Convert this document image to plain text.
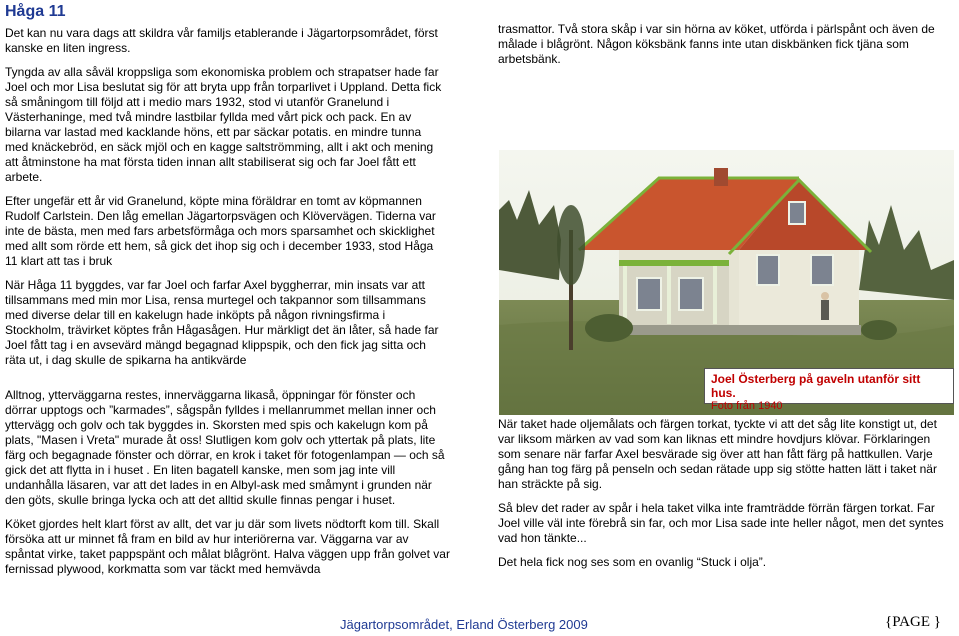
Håga 11

Det kan nu vara dags att skildra vår familjs etablerande i Jägartorpsområdet, först kanske en liten ingress.

Tyngda av alla såväl kroppsliga som ekonomiska problem och strapatser hade far Joel och mor Lisa beslutat sig för att bryta upp från torparlivet i Uppland. Detta fick så småningom till följd att i medio mars 1932, stod vi utanför Granelund i Västerhaninge, med två mindre lastbilar fyllda med vårt pick och pack. En av bilarna var lastad med kacklande höns, ett par säckar potatis. en mindre tunna med knäckebröd, en säck mjöl och en kagge saltströmming, allt i akt och mening att åtminstone ha mat första tiden innan allt stabiliserat sig och far Joel fått ett arbete.

Efter ungefär ett år vid Granelund, köpte mina föräldrar en tomt av köpmannen Rudolf Carlstein. Den låg emellan Jägartorpsvägen och Klövervägen. Tiderna var inte de bästa, men med fars arbetsförmåga och mors sparsamhet och skicklighet med allt som rörde ett hem, så gick det ihop sig och i december 1933, stod Håga 11 klart att tas i bruk

När Håga 11 byggdes, var far Joel och farfar Axel byggherrar, min insats var att tillsammans med min mor Lisa, rensa murtegel och takpannor som tillsammans med diverse delar till en kakelugn hade inköpts på någon rivningsfirma i Stockholm, trävirket köptes från Hågasågen. Hur märkligt det än låter, så hade far Joel fått tag i en avsevärd mängd begagnad klippspik, och den fick jag sitta och räta ut, i dag skulle de spikarna ha antikvärde

Alltnog, ytterväggarna restes, innerväggarna likaså, öppningar för fönster och dörrar upptogs och ”karmades”, sågspån fylldes i mellanrummet mellan inner och yttervägg och golv och tak byggdes in. Skorsten med spis och kakelugn kom på plats, "Masen i Vreta" murade åt oss! Slutligen kom golv och yttertak på plats, lite färg och begagnade fönster och dörrar, en krok i taket för fotogenlampan — och så gick det att flytta in i huset . En liten bagatell kanske, men som jag inte vill undanhålla läsaren, var att det lades in en Albyl-ask med småmynt i grunden när den göts, skulle bringa lycka och att det alltid skulle finnas pengar i huset.

Köket gjordes helt klart först av allt, det var ju där som livets nödtorft kom till. Skall försöka att ur minnet få fram en bild av hur interiörerna var. Väggarna var av spåntat virke, taket pappspänt och målat blågrönt. Halva väggen upp från golvet var fernissad plywood, korkmatta som var täckt med hemvävda

trasmattor. Två stora skåp i var sin hörna av köket, utförda i pärlspånt och även de målade i blågrönt. Någon köksbänk fanns inte utan diskbänken fick tjäna som arbetsbänk.

Joel Österberg på gaveln utanför sitt hus.
Foto från 1940

När taket hade oljemålats och färgen torkat, tyckte vi att det såg lite konstigt ut, det var liksom märken av vad som kan liknas ett mindre hovdjurs klövar. Förklaringen som senare när farfar Axel besvärade sig över att han fått färg på hattkullen. Varje gång han tog färg på penseln och sedan rätade upp sig stötte hatten lätt i taket när han sträckte på sig.

Så blev det rader av spår i hela taket vilka inte framträdde förrän färgen torkat. Far Joel ville väl inte förebrå sin far, och mor Lisa sade inte heller något, men det syntes vad hon tänkte...

Det hela fick nog ses som en ovanlig “Stuck i olja”.

Jägartorpsområdet, Erland Österberg 2009	{PAGE }
